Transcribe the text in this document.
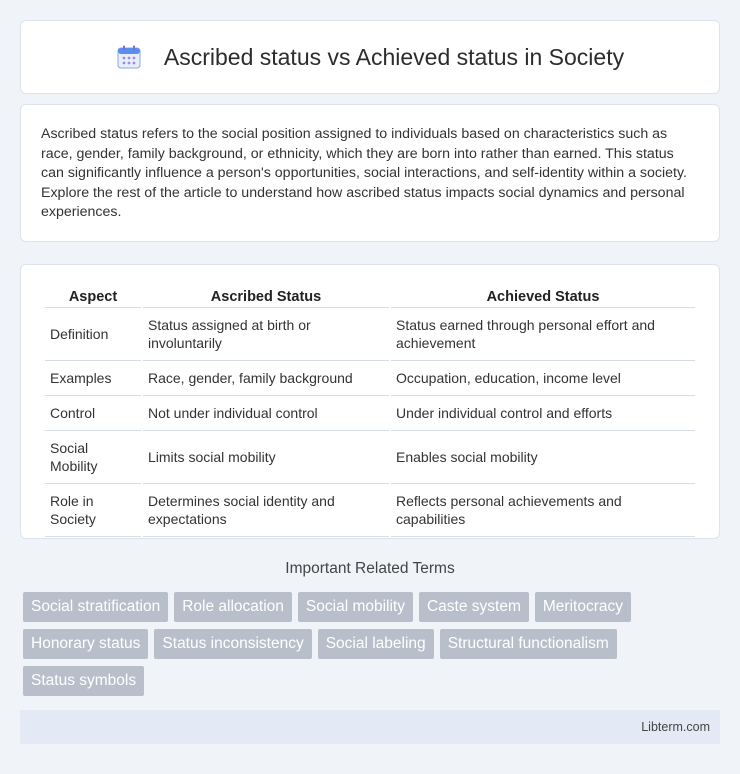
Ascribed status vs Achieved status in Society

Ascribed status refers to the social position assigned to individuals based on characteristics such as race, gender, family background, or ethnicity, which they are born into rather than earned. This status can significantly influence a person's opportunities, social interactions, and self-identity within a society. Explore the rest of the article to understand how ascribed status impacts social dynamics and personal experiences.

Aspect	Ascribed Status	Achieved Status
Definition	Status assigned at birth or involuntarily	Status earned through personal effort and achievement
Examples	Race, gender, family background	Occupation, education, income level
Control	Not under individual control	Under individual control and efforts
Social Mobility	Limits social mobility	Enables social mobility
Role in Society	Determines social identity and expectations	Reflects personal achievements and capabilities
Important Related Terms
Social stratification	Role allocation	Social mobility	Caste system	Meritocracy
Honorary status	Status inconsistency	Social labeling	Structural functionalism
Status symbols
Libterm.com
